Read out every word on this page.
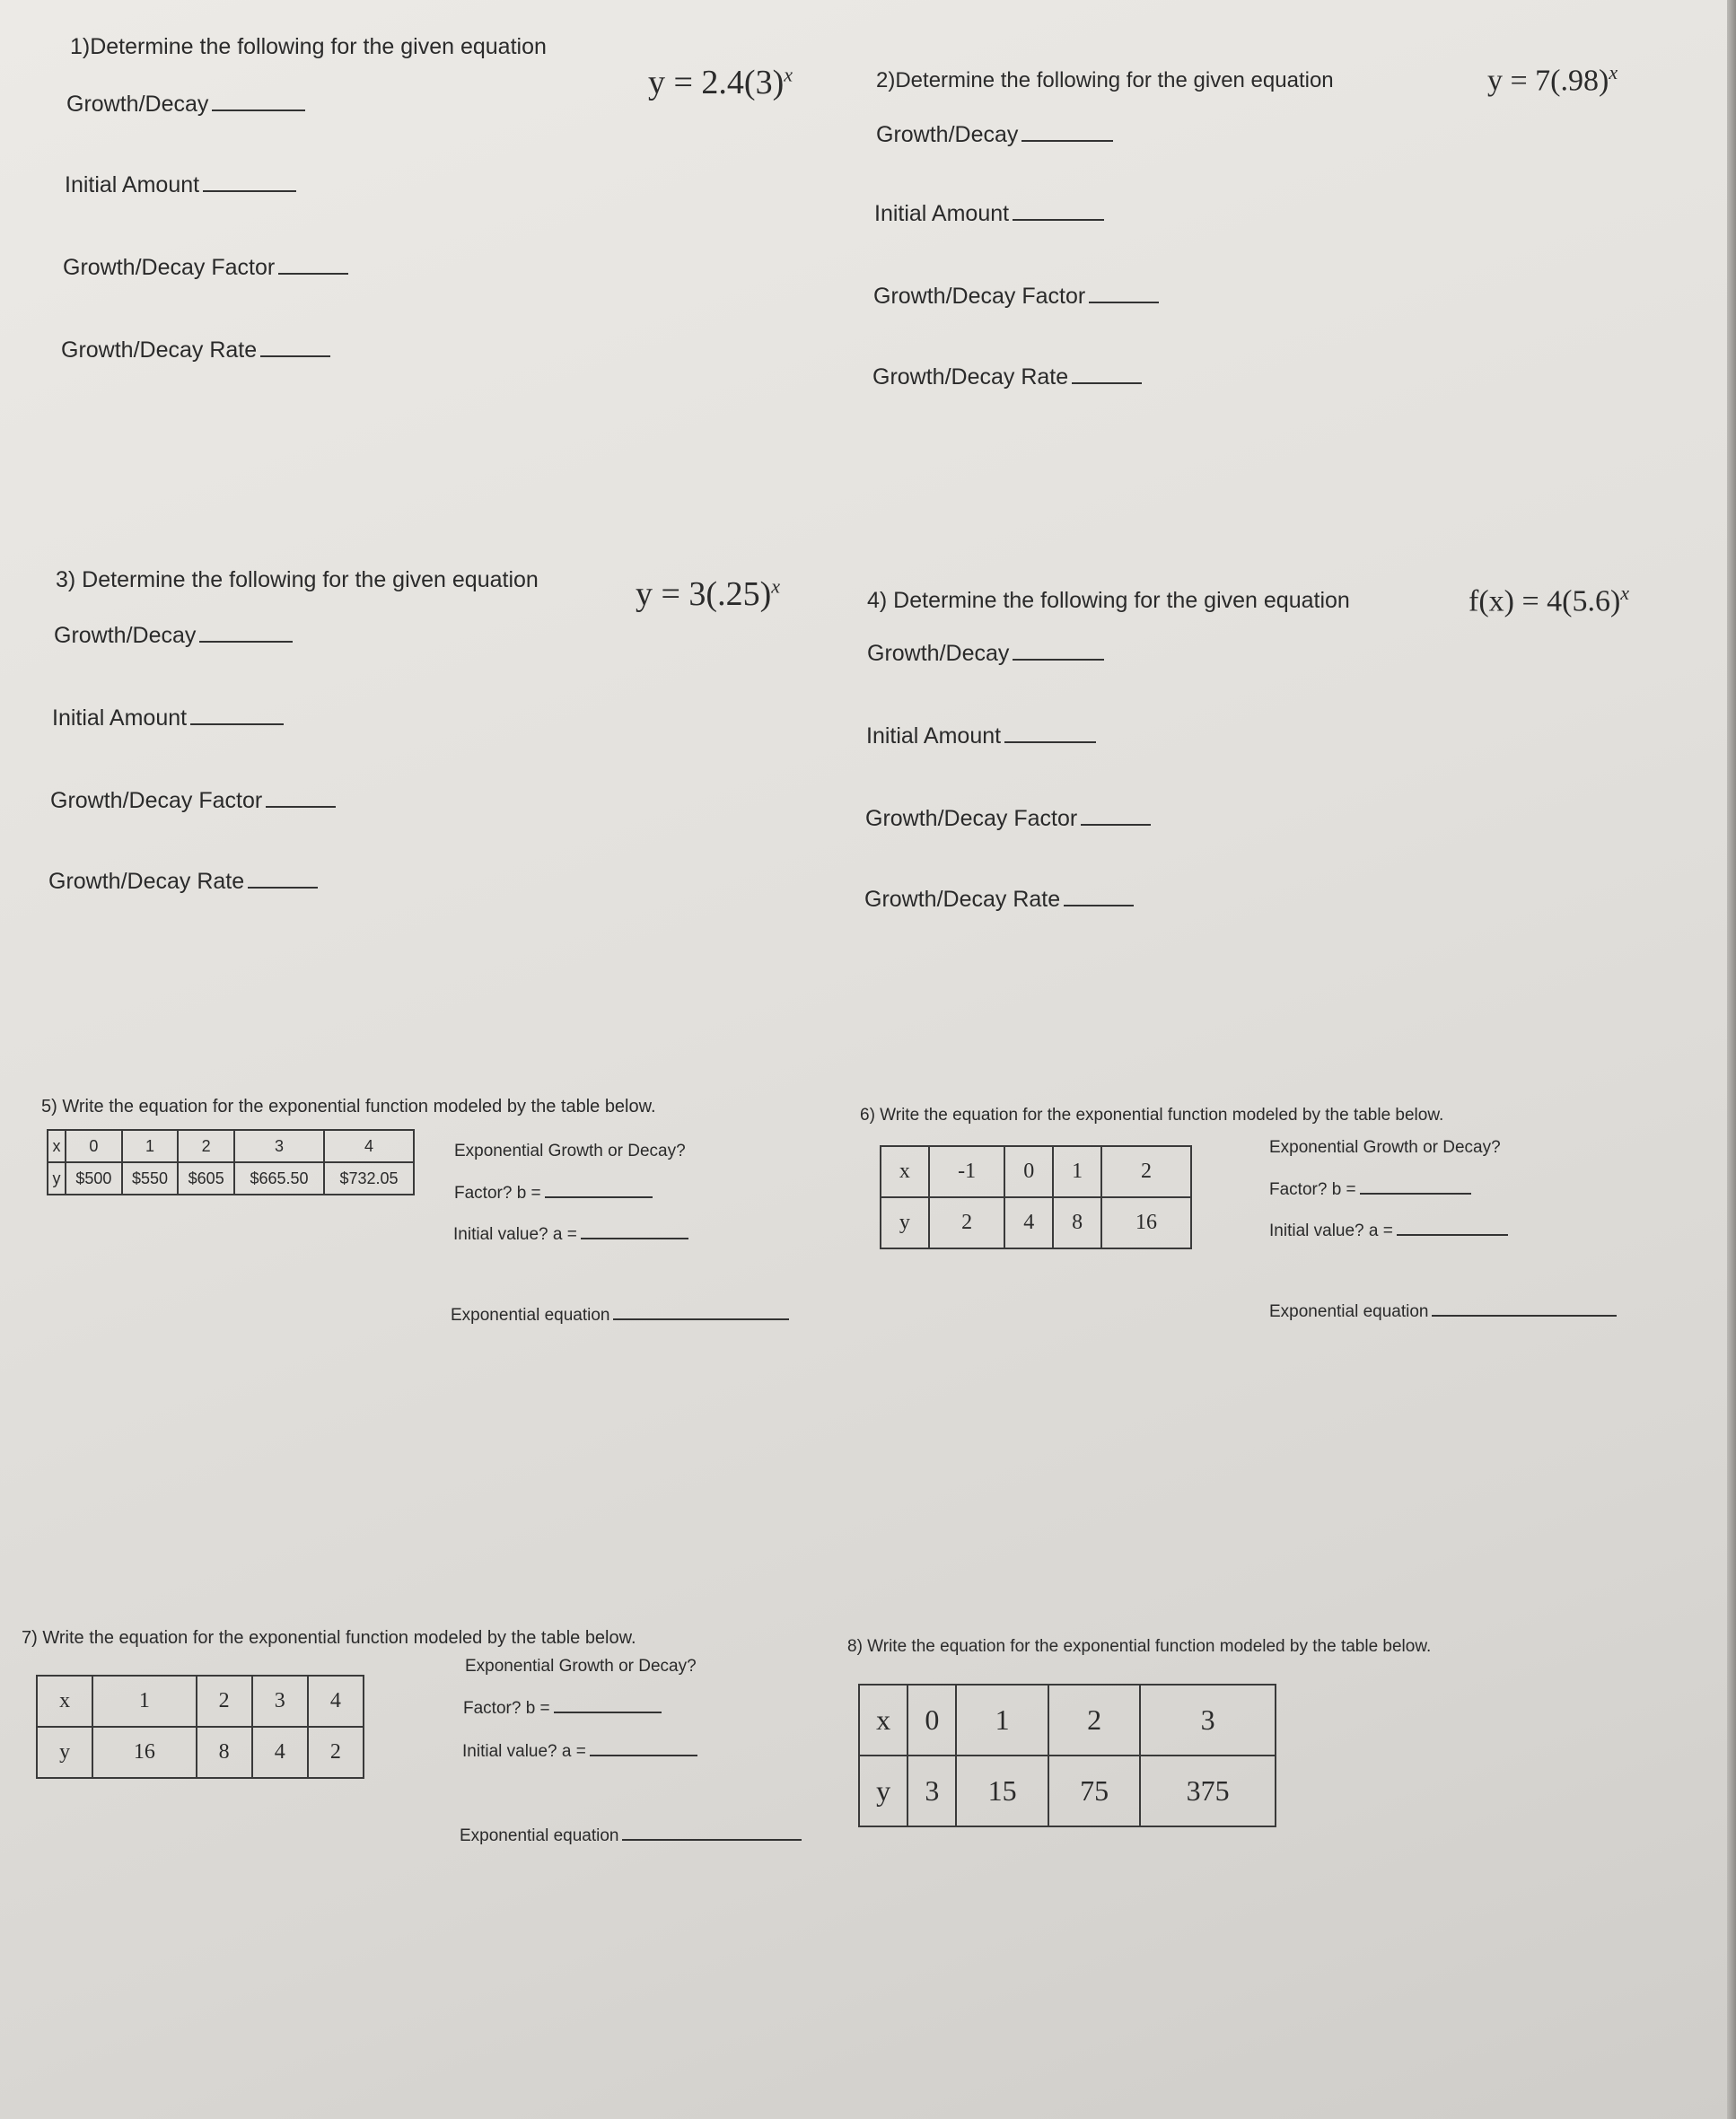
1)Determine the following for the given equation
$y = 2.4(3)^x$
Growth/Decay
Initial Amount
Growth/Decay Factor
Growth/Decay Rate
2)Determine the following for the given equation	$y = 7(.98)^x$
Growth/Decay
Initial Amount
Growth/Decay Factor
Growth/Decay Rate
3) Determine the following for the given equation	$y = 3(.25)^x$
Growth/Decay
Initial Amount
Growth/Decay Factor
Growth/Decay Rate
4) Determine the following for the given equation	$f(x) = 4(5.6)^x$
Growth/Decay
Initial Amount
Growth/Decay Factor
Growth/Decay Rate
5) Write the equation for the exponential function modeled by the table below.
x	0	1	2	3	4
y	$500	$550	$605	$665.50	$732.05
Exponential Growth or Decay?
Factor? b =
Initial value? a =
Exponential equation
6) Write the equation for the exponential function modeled by the table below.
x	-1	0	1	2
y	2	4	8	16
Exponential Growth or Decay?
Factor? b =
Initial value? a =
Exponential equation
7) Write the equation for the exponential function modeled by the table below.
Exponential Growth or Decay?
x	1	2	3	4
y	16	8	4	2
Factor? b =
Initial value? a =
Exponential equation
8) Write the equation for the exponential function modeled by the table below.
x	0	1	2	3
y	3	15	75	375
